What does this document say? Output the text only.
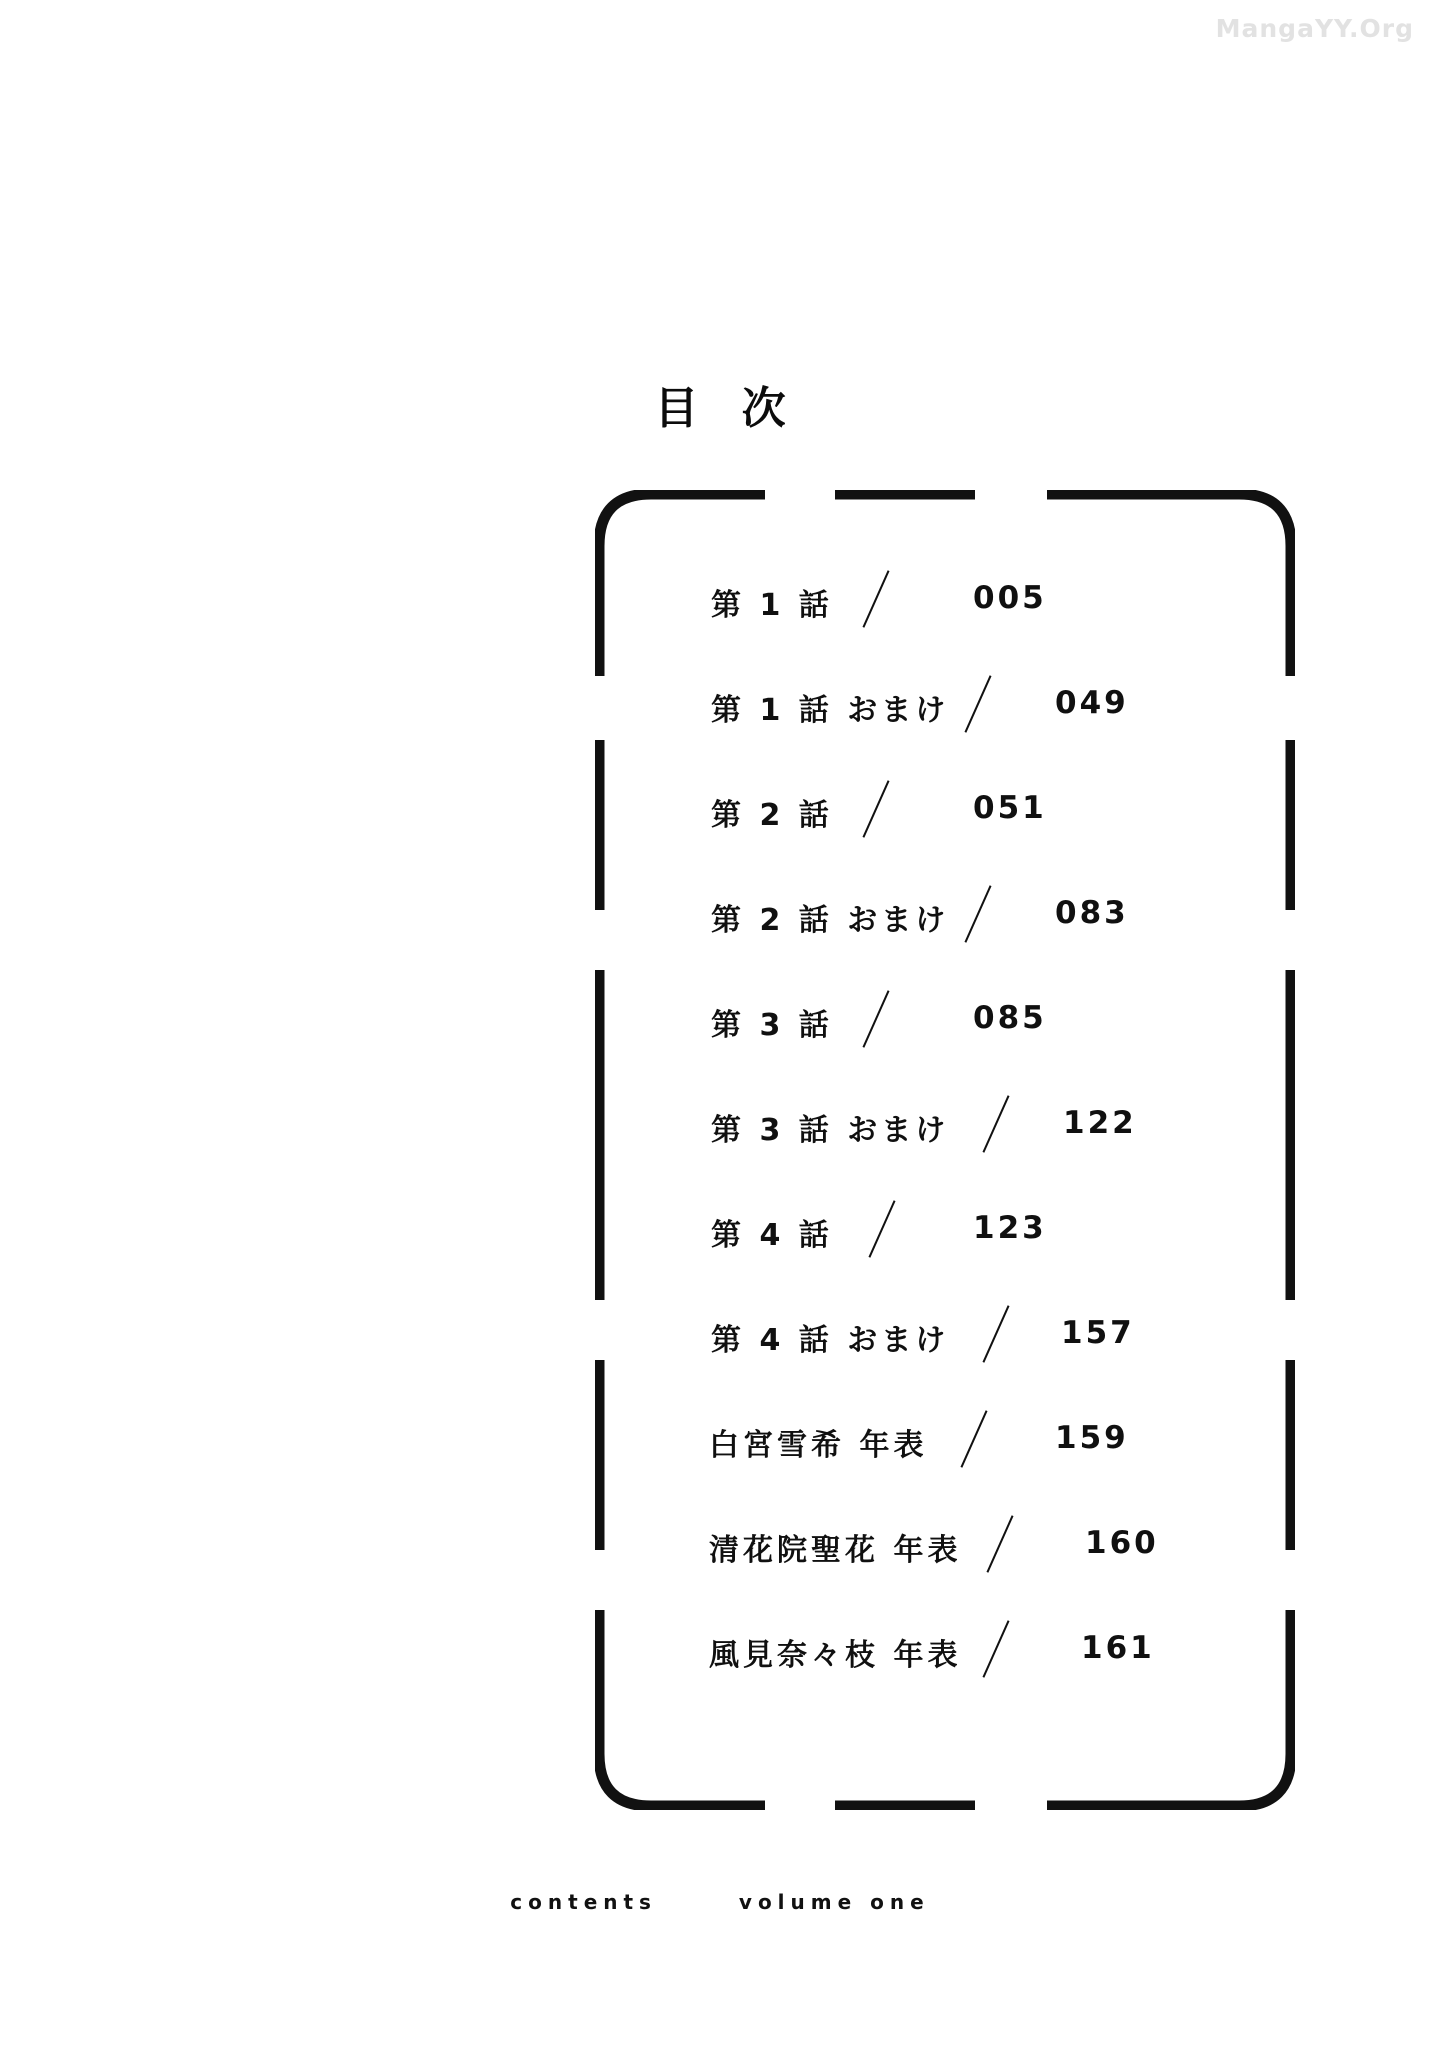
MangaYY.Org
目 次
第 1 話	005
第 1 話 おまけ	049
第 2 話	051
第 2 話 おまけ	083
第 3 話	085
第 3 話 おまけ	122
第 4 話	123
第 4 話 おまけ	157
白宮雪希 年表	159
清花院聖花 年表	160
風見奈々枝 年表	161
contents	volume one
